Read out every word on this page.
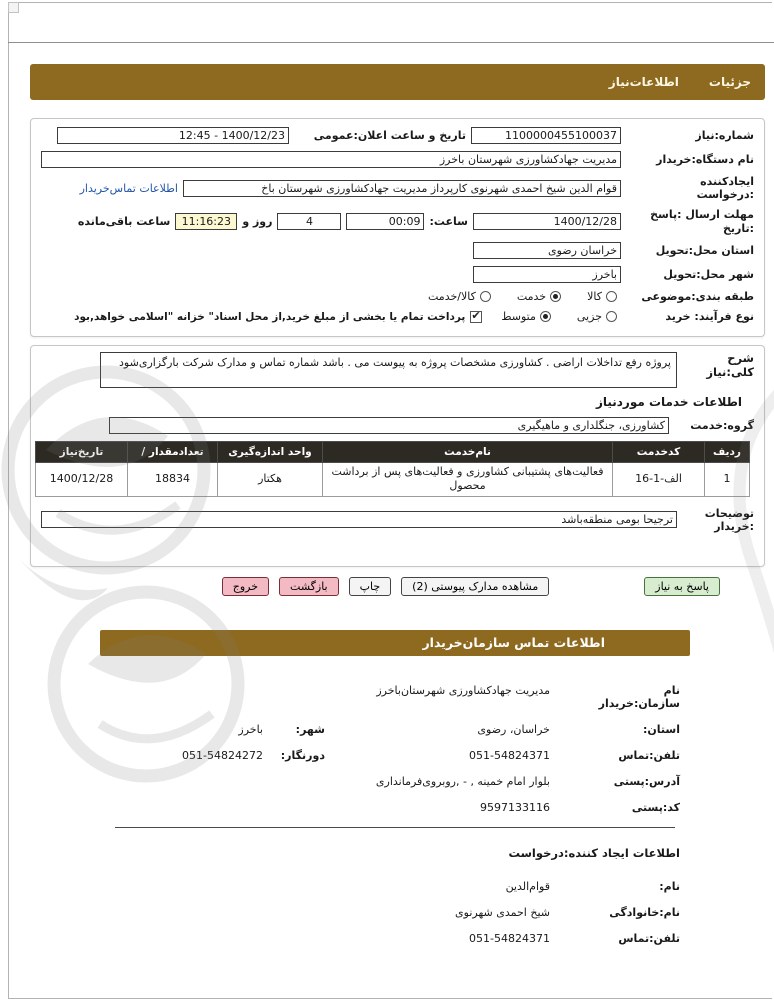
جزئیات
اطلاعات‌نیاز
شماره:نیاز
1100000455100037
تاریخ و ساعت اعلان:عمومی
1400/12/23 - 12:45
نام دستگاه:خریدار
مدیریت جهادکشاورزی شهرستان باخرز
ایجادکننده
:درخواست
قوام الدین شیخ احمدی شهرنوی کارپرداز مدیریت جهادکشاورزی شهرستان باخ
اطلاعات تماس‌خریدار
مهلت ارسال :پاسخ
:تاریخ
1400/12/28
ساعت:
00:09
4
روز و
11:16:23
ساعت باقی‌مانده
استان محل:تحویل
خراسان رضوی
شهر محل:تحویل
باخرز
طبقه بندی:موضوعی
کالا
خدمت
کالا/خدمت
نوع فرآیند: خرید
جزیی
متوسط
✔
پرداخت تمام یا بخشی از مبلغ خرید,از محل اسناد" خزانه "اسلامی خواهد,بود
شرح کلی:نیاز
پروژه رفع تداخلات اراضی . کشاورزی مشخصات پروژه به پیوست می . باشد شماره تماس و مدارک شرکت بارگزاری‌شود
اطلاعات خدمات موردنیاز
گروه:خدمت
کشاورزی، جنگلداری و ماهیگیری
ردیف	کدخدمت	نام‌خدمت	واحد اندازه‌گیری	تعدادمقدار /	تاریخ‌نیاز
1	الف-1-16	فعالیت‌های پشتیبانی کشاورزی و فعالیت‌های پس از برداشت محصول	هکتار	18834	1400/12/28
توضیحات
:خریدار
ترجیحا بومی منطقه‌باشد
پاسخ به نیاز
مشاهده مدارک پیوستی (2)
چاپ
بازگشت
خروج
اطلاعات تماس سازمان‌خریدار
نام سازمان:خریدار
مدیریت جهادکشاورزی شهرستان‌باخرز
استان:
خراسان، رضوی
شهر:
باخرز
تلفن:تماس
051-54824371
دورنگار:
051-54824272
آدرس:پستی
بلوار امام خمینه , - ,روبروی‌فرمانداری
کد:پستی
9597133116
اطلاعات ایجاد کننده:درخواست
نام:
قوام‌الدین
نام:خانوادگی
شیخ احمدی شهرنوی
تلفن:تماس
051-54824371
